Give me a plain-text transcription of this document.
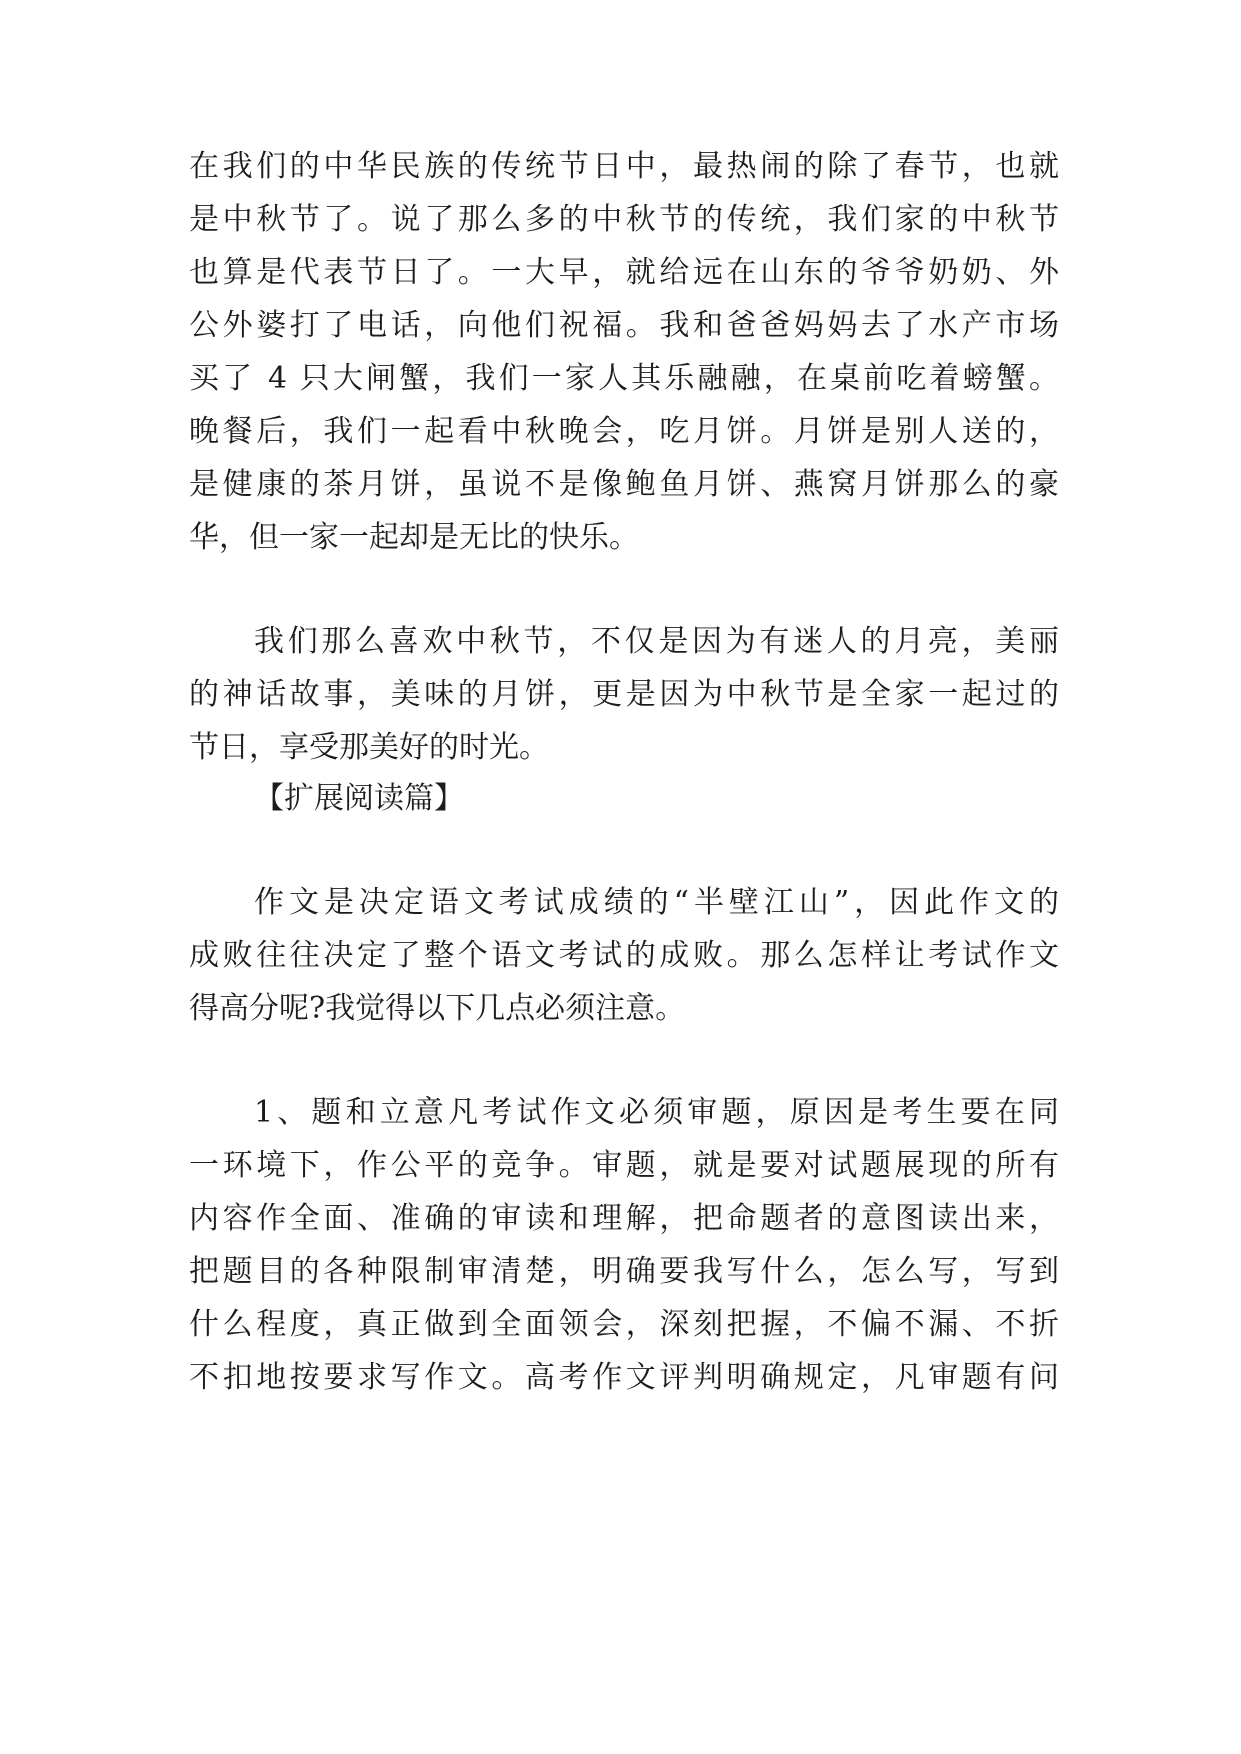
在我们的中华民族的传统节日中，最热闹的除了春节，也就
是中秋节了。说了那么多的中秋节的传统，我们家的中秋节
也算是代表节日了。一大早，就给远在山东的爷爷奶奶、外
公外婆打了电话，向他们祝福。我和爸爸妈妈去了水产市场
买了 4 只大闸蟹，我们一家人其乐融融，在桌前吃着螃蟹。
晚餐后，我们一起看中秋晚会，吃月饼。月饼是别人送的，
是健康的茶月饼，虽说不是像鲍鱼月饼、燕窝月饼那么的豪
华，但一家一起却是无比的快乐。
我们那么喜欢中秋节，不仅是因为有迷人的月亮，美丽
的神话故事，美味的月饼，更是因为中秋节是全家一起过的
节日，享受那美好的时光。
【扩展阅读篇】
作文是决定语文考试成绩的“半壁江山”，因此作文的
成败往往决定了整个语文考试的成败。那么怎样让考试作文
得高分呢?我觉得以下几点必须注意。
1、题和立意凡考试作文必须审题，原因是考生要在同
一环境下，作公平的竞争。审题，就是要对试题展现的所有
内容作全面、准确的审读和理解，把命题者的意图读出来，
把题目的各种限制审清楚，明确要我写什么，怎么写，写到
什么程度，真正做到全面领会，深刻把握，不偏不漏、不折
不扣地按要求写作文。高考作文评判明确规定，凡审题有问
